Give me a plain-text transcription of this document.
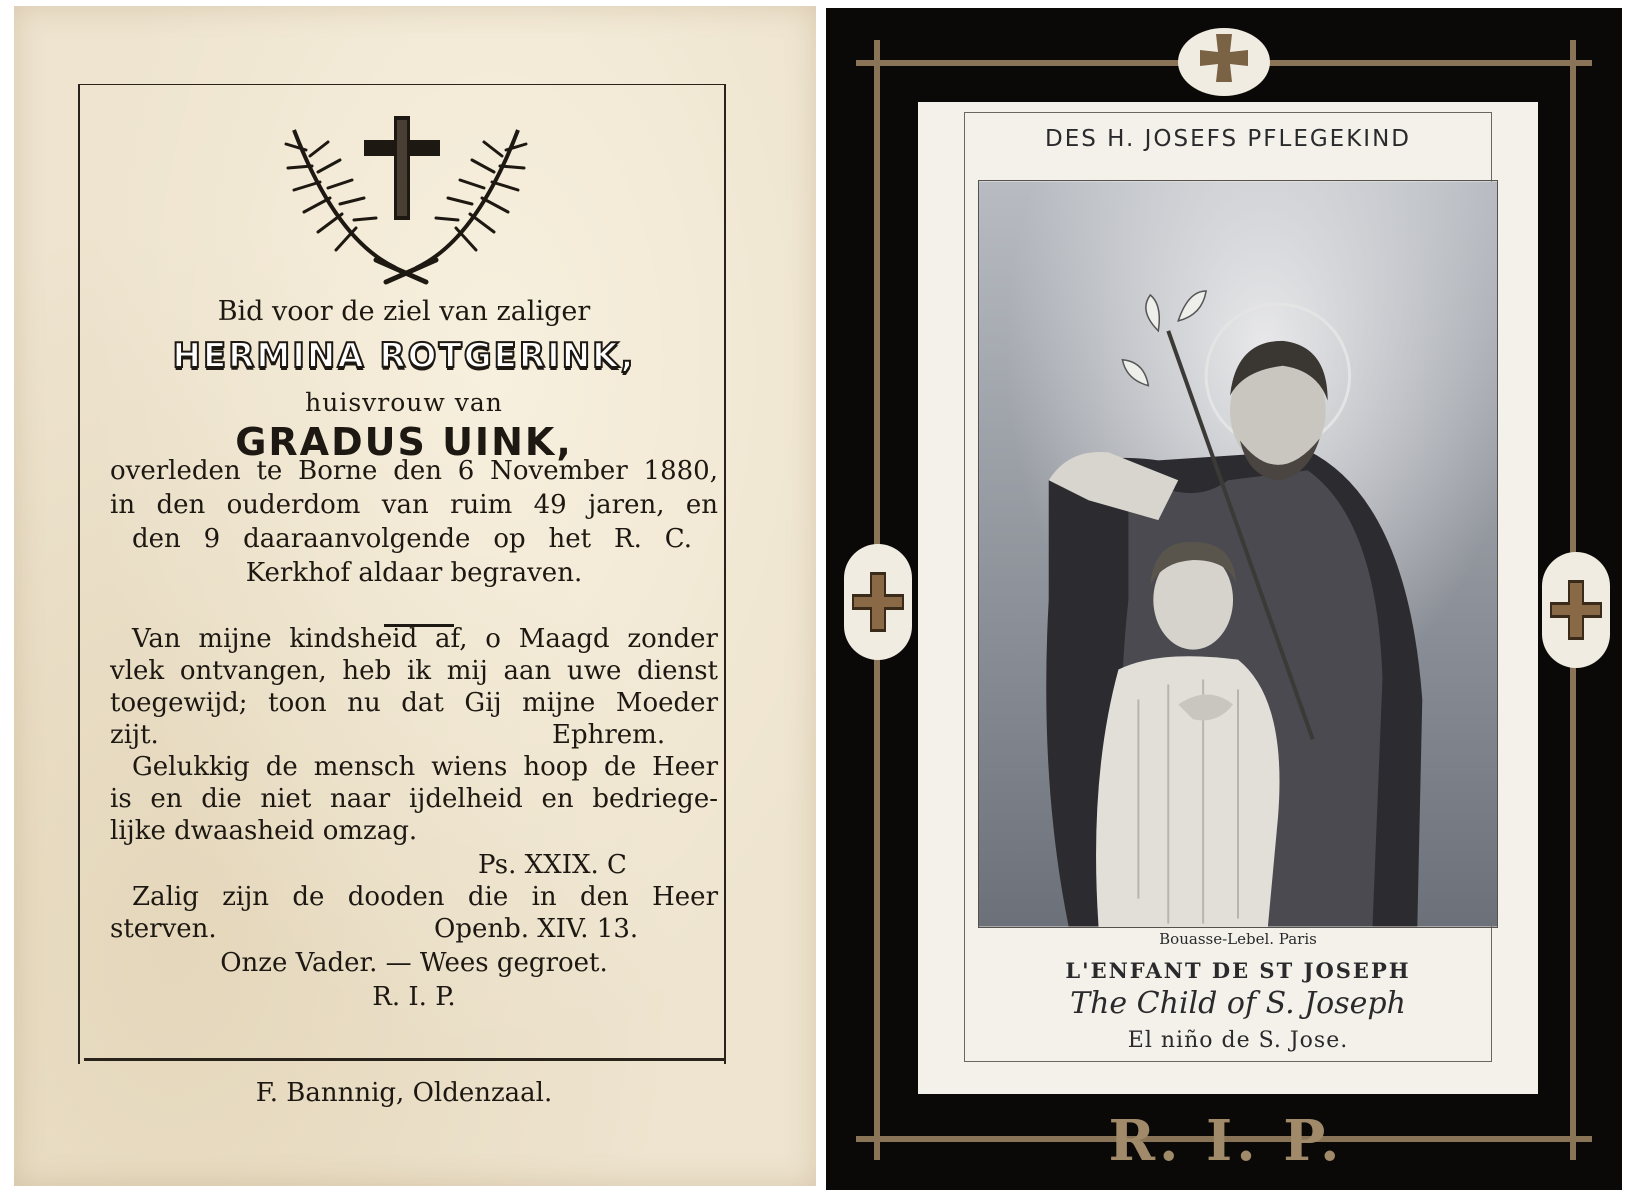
Bid voor de ziel van zaliger
HERMINA ROTGERINK,
huisvrouw van
GRADUS UINK,
overleden te Borne den 6 November 1880,
in den ouderdom van ruim 49 jaren, en
den 9 daaraanvolgende op het R. C.
Kerkhof aldaar begraven.
Van mijne kindsheid af, o Maagd zonder
vlek ontvangen, heb ik mij aan uwe dienst
toegewijd; toon nu dat Gij mijne Moeder
zijt.	Ephrem.
Gelukkig de mensch wiens hoop de Heer
is en die niet naar ijdelheid en bedriege-
lijke dwaasheid omzag.
Ps. XXIX. C
Zalig zijn de dooden die in den Heer
sterven.	Openb. XIV. 13.
Onze Vader. — Wees gegroet.
R. I. P.
F. Bannnig, Oldenzaal.
DES H. JOSEFS PFLEGEKIND
Bouasse-Lebel. Paris
L'ENFANT DE ST JOSEPH
The Child of S. Joseph
El niño de S. Jose.
R. I. P.
